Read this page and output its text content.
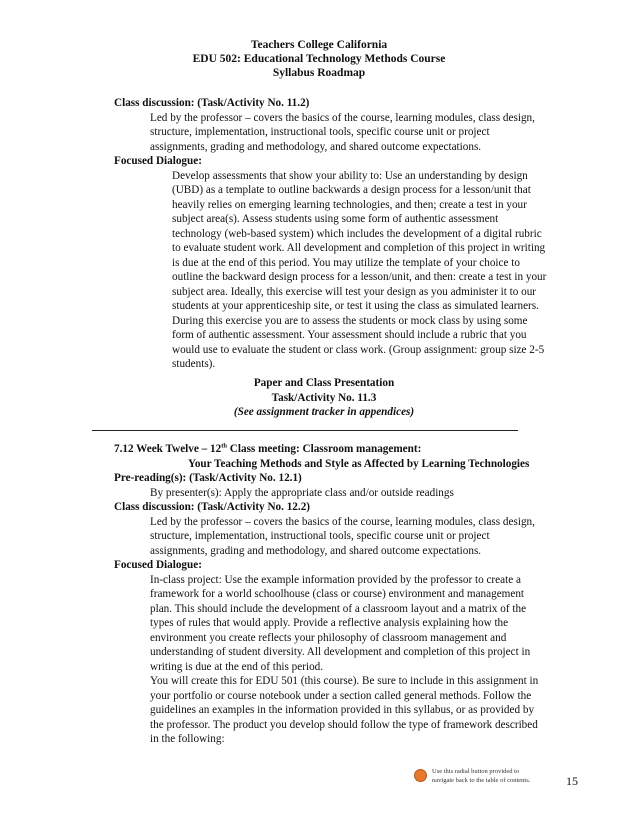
Teachers College California
EDU 502: Educational Technology Methods Course
Syllabus Roadmap
Class discussion: (Task/Activity No. 11.2)
Led by the professor – covers the basics of the course, learning modules, class design,
structure, implementation, instructional tools, specific course unit or project
assignments, grading and methodology, and shared outcome expectations.
Focused Dialogue:
Develop assessments that show your ability to: Use an understanding by design
(UBD) as a template to outline backwards a design process for a lesson/unit that
heavily relies on emerging learning technologies, and then; create a test in your
subject area(s). Assess students using some form of authentic assessment
technology (web-based system) which includes the development of a digital rubric
to evaluate student work. All development and completion of this project in writing
is due at the end of this period. You may utilize the template of your choice to
outline the backward design process for a lesson/unit, and then: create a test in your
subject area. Ideally, this exercise will test your design as you administer it to our
students at your apprenticeship site, or test it using the class as simulated learners.
During this exercise you are to assess the students or mock class by using some
form of authentic assessment. Your assessment should include a rubric that you
would use to evaluate the student or class work. (Group assignment: group size 2-5
students).
Paper and Class Presentation
Task/Activity No. 11.3
(See assignment tracker in appendices)
7.12 Week Twelve – 12th Class meeting: Classroom management:
Your Teaching Methods and Style as Affected by Learning Technologies
Pre-reading(s): (Task/Activity No. 12.1)
By presenter(s): Apply the appropriate class and/or outside readings
Class discussion: (Task/Activity No. 12.2)
Led by the professor – covers the basics of the course, learning modules, class design,
structure, implementation, instructional tools, specific course unit or project
assignments, grading and methodology, and shared outcome expectations.
Focused Dialogue:
In-class project: Use the example information provided by the professor to create a
framework for a world schoolhouse (class or course) environment and management
plan. This should include the development of a classroom layout and a matrix of the
types of rules that would apply. Provide a reflective analysis explaining how the
environment you create reflects your philosophy of classroom management and
understanding of student diversity. All development and completion of this project in
writing is due at the end of this period.
You will create this for EDU 501 (this course). Be sure to include in this assignment in
your portfolio or course notebook under a section called general methods. Follow the
guidelines an examples in the information provided in this syllabus, or as provided by
the professor. The product you develop should follow the type of framework described
in the following:
Use this radial button provided to
navigate back to the table of contents.	15
